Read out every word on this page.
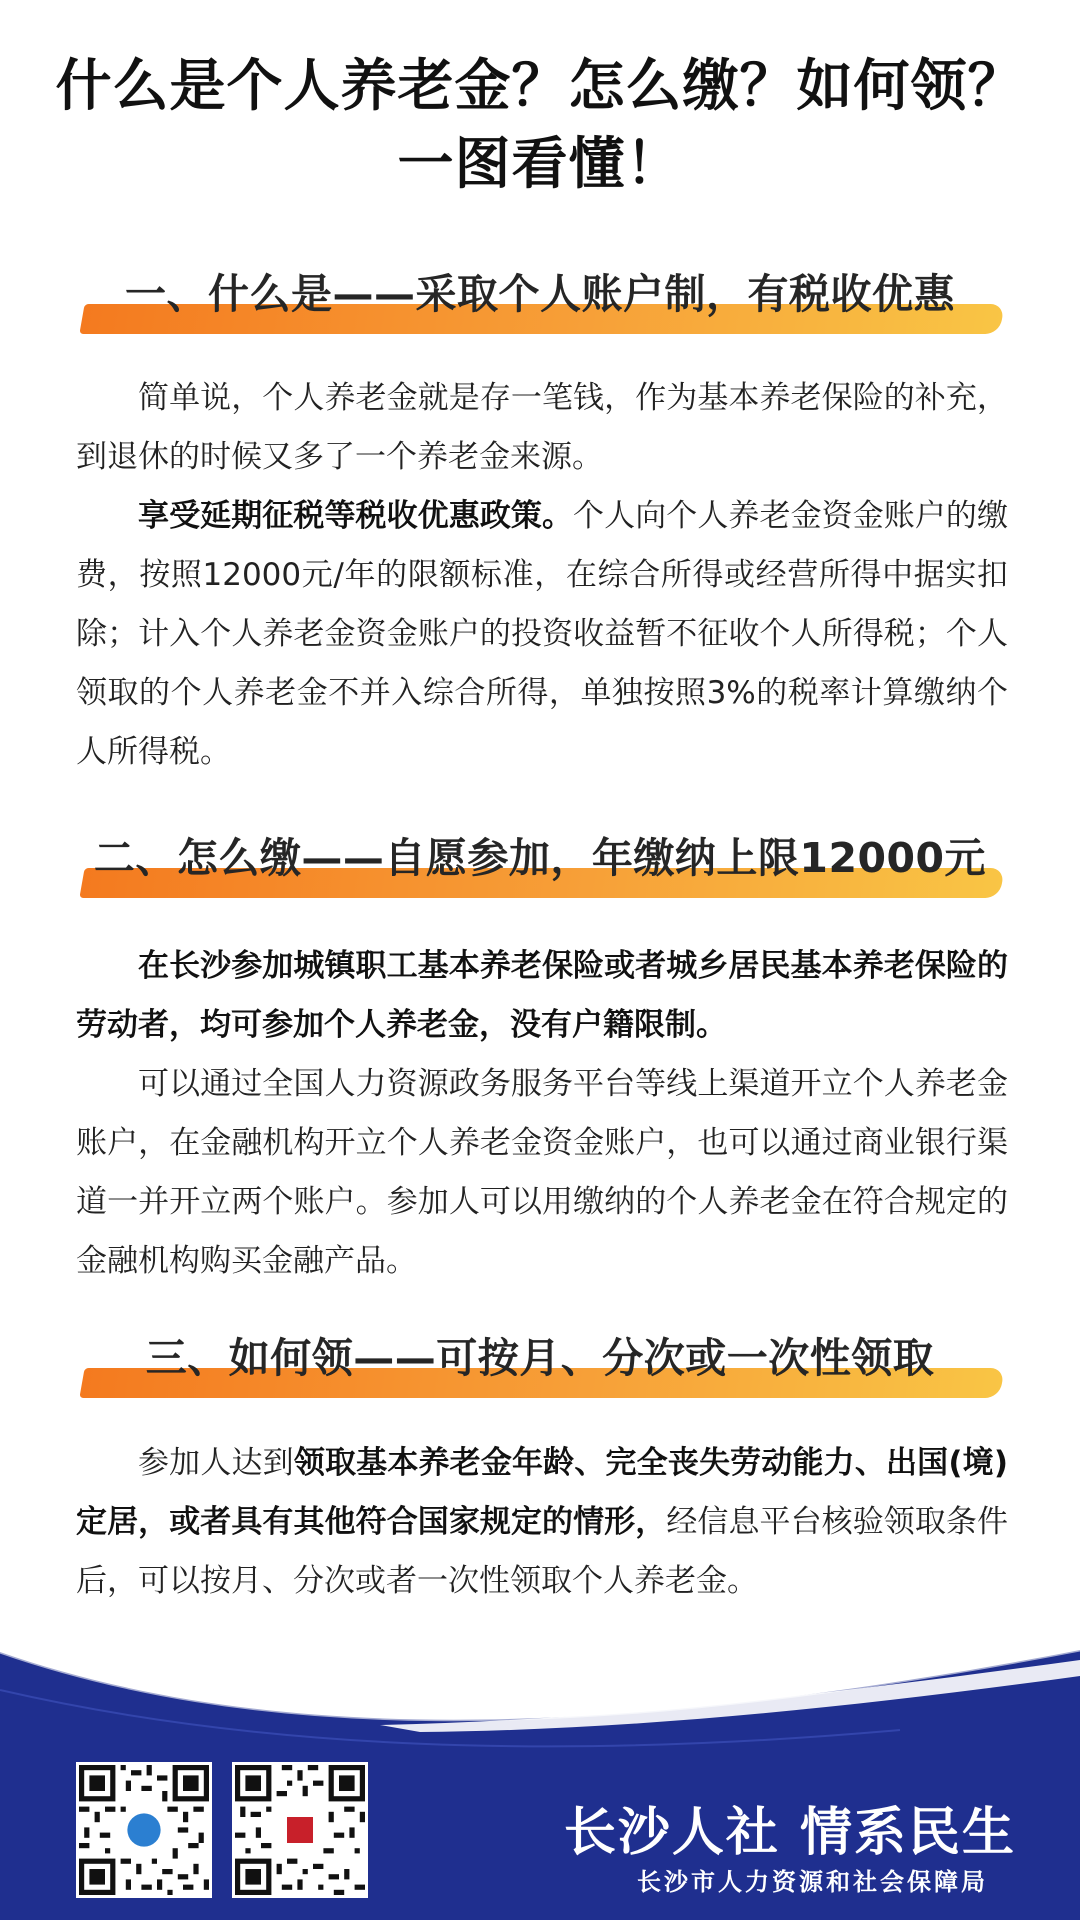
什么是个人养老金？怎么缴？如何领？
一图看懂！
一、什么是——采取个人账户制，有税收优惠

简单说，个人养老金就是存一笔钱，作为基本养老保险的补充，到退休的时候又多了一个养老金来源。

享受延期征税等税收优惠政策。个人向个人养老金资金账户的缴费，按照12000元/年的限额标准，在综合所得或经营所得中据实扣除；计入个人养老金资金账户的投资收益暂不征收个人所得税；个人领取的个人养老金不并入综合所得，单独按照3%的税率计算缴纳个人所得税。

二、怎么缴——自愿参加，年缴纳上限12000元

在长沙参加城镇职工基本养老保险或者城乡居民基本养老保险的劳动者，均可参加个人养老金，没有户籍限制。

可以通过全国人力资源政务服务平台等线上渠道开立个人养老金账户，在金融机构开立个人养老金资金账户，也可以通过商业银行渠道一并开立两个账户。参加人可以用缴纳的个人养老金在符合规定的金融机构购买金融产品。

三、如何领——可按月、分次或一次性领取

参加人达到领取基本养老金年龄、完全丧失劳动能力、出国(境)定居，或者具有其他符合国家规定的情形，经信息平台核验领取条件后，可以按月、分次或者一次性领取个人养老金。

长沙人社 情系民生
长沙市人力资源和社会保障局
